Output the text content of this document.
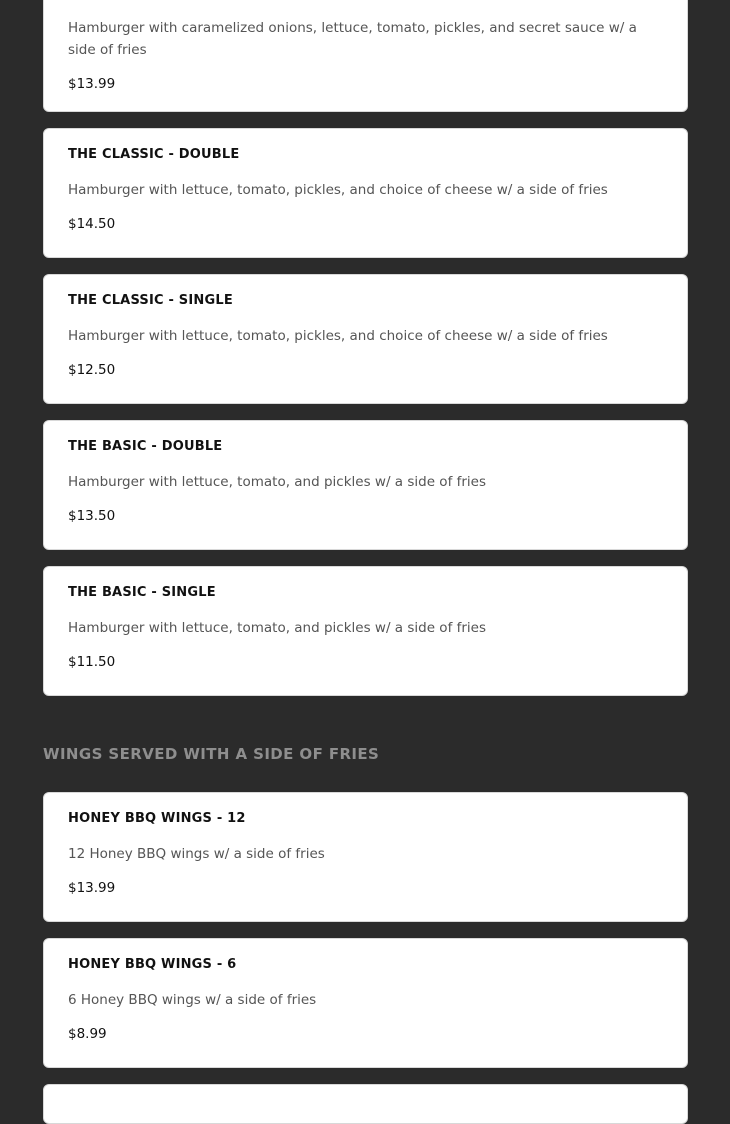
Hamburger with caramelized onions, lettuce, tomato, pickles, and secret sauce w/ a side of fries
$13.99
THE CLASSIC - DOUBLE
Hamburger with lettuce, tomato, pickles, and choice of cheese w/ a side of fries
$14.50
THE CLASSIC - SINGLE
Hamburger with lettuce, tomato, pickles, and choice of cheese w/ a side of fries
$12.50
THE BASIC - DOUBLE
Hamburger with lettuce, tomato, and pickles w/ a side of fries
$13.50
THE BASIC - SINGLE
Hamburger with lettuce, tomato, and pickles w/ a side of fries
$11.50
WINGS SERVED WITH A SIDE OF FRIES
HONEY BBQ WINGS - 12
12 Honey BBQ wings w/ a side of fries
$13.99
HONEY BBQ WINGS - 6
6 Honey BBQ wings w/ a side of fries
$8.99
